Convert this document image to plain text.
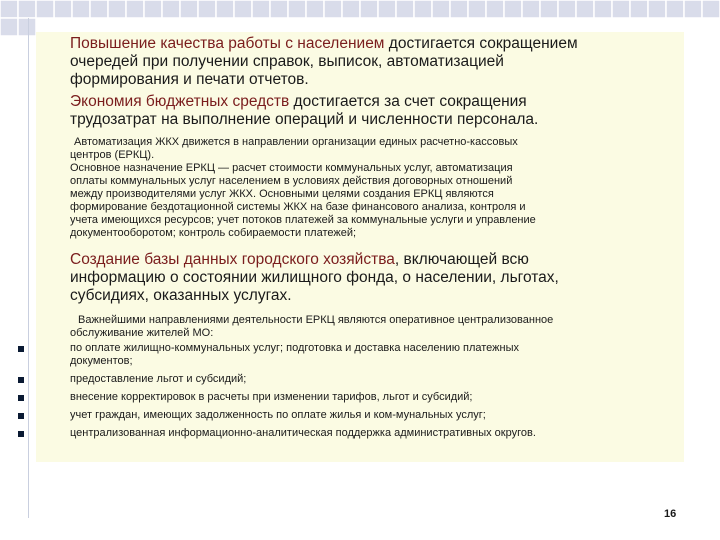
Повышение качества работы с населением достигается сокращением

очередей при получении справок, выписок, автоматизацией

формирования и печати отчетов.

Экономия бюджетных средств достигается за счет сокращения

трудозатрат на выполнение операций и численности персонала.

Автоматизация ЖКХ движется в направлении организации единых расчетно-кассовых

центров (ЕРКЦ).

Основное назначение ЕРКЦ — расчет стоимости коммунальных услуг, автоматизация

оплаты коммунальных услуг населением в условиях действия договорных отношений

между производителями услуг ЖКХ. Основными целями создания ЕРКЦ являются

формирование бездотационной системы ЖКХ на базе финансового анализа, контроля и

учета имеющихся ресурсов; учет потоков платежей за коммунальные услуги и управление

документооборотом; контроль собираемости платежей;

Создание базы данных городского хозяйства, включающей всю

информацию о состоянии жилищного фонда, о населении, льготах,

субсидиях, оказанных услугах.

Важнейшими направлениями деятельности ЕРКЦ являются оперативное централизованное

обслуживание жителей МО:

по оплате жилищно-коммунальных услуг; подготовка и доставка населению платежных

документов;

предоставление льгот и субсидий;

внесение корректировок в расчеты при изменении тарифов, льгот и субсидий;

учет граждан, имеющих задолженность по оплате жилья и ком-мунальных услуг;

централизованная информационно-аналитическая поддержка административных округов.

16
